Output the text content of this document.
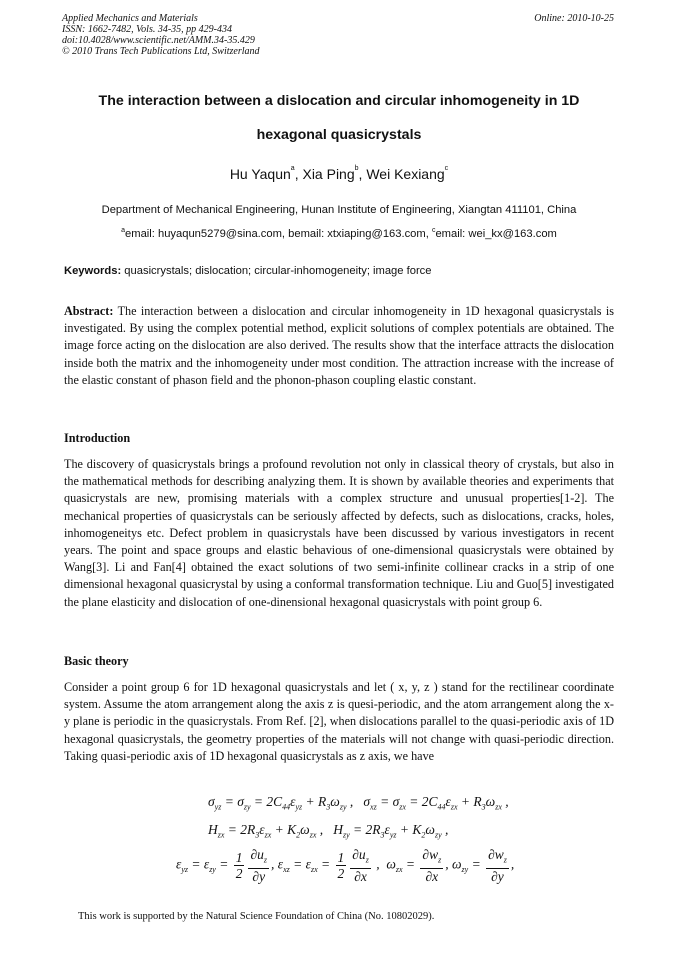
Applied Mechanics and Materials
ISSN: 1662-7482, Vols. 34-35, pp 429-434
doi:10.4028/www.scientific.net/AMM.34-35.429
© 2010 Trans Tech Publications Ltd, Switzerland
Online: 2010-10-25
The interaction between a dislocation and circular inhomogeneity in 1D
hexagonal quasicrystals
Hu Yaqun$^a$, Xia Ping$^b$, Wei Kexiang$^c$
Department of Mechanical Engineering, Hunan Institute of Engineering, Xiangtan 411101, China
$^a$email: huyaqun5279@sina.com, bemail: xtxiaping@163.com, $^c$email: wei_kx@163.com
Keywords: quasicrystals; dislocation; circular-inhomogeneity; image force
Abstract: The interaction between a dislocation and circular inhomogeneity in 1D hexagonal quasicrystals is investigated. By using the complex potential method, explicit solutions of complex potentials are obtained. The image force acting on the dislocation are also derived. The results show that the interface attracts the dislocation inside both the matrix and the inhomogeneity under most condition. The attraction increase with the increase of the elastic constant of phason field and the phonon-phason coupling elastic constant.
Introduction
The discovery of quasicrystals brings a profound revolution not only in classical theory of crystals, but also in the mathematical methods for describing analyzing them. It is shown by available theories and experiments that quasicrystals are new, promising materials with a complex structure and unusual properties[1-2]. The mechanical properties of quasicrystals can be seriously affected by defects, such as dislocations, cracks, holes, inhomogeneitys etc. Defect problem in quasicrystals have been discussed by various investigators in recent years. The point and space groups and elastic behavious of one-dimensional quasicrystals were obtained by Wang[3]. Li and Fan[4] obtained the exact solutions of two semi-infinite collinear cracks in a strip of one dimensional hexagonal quasicrystal by using a conformal transformation technique. Liu and Guo[5] investigated the plane elasticity and dislocation of one-dinensional hexagonal quasicrystals with point group 6.
Basic theory
Consider a point group 6 for 1D hexagonal quasicrystals and let ( x, y, z ) stand for the rectilinear coordinate system. Assume the atom arrangement along the axis z is quesi-periodic, and the atom arrangement along the x-y plane is periodic in the quasicrystals. From Ref. [2], when dislocations parallel to the quasi-periodic axis of 1D hexagonal quasicrystals, the geometry properties of the materials will not change with quasi-periodic direction. Taking quasi-periodic axis of 1D hexagonal quasicrystals as z axis, we have
$\sigma_{yz} = \sigma_{zy} = 2C_{44}\varepsilon_{yz} + R_3\omega_{zy}$ ,   $\sigma_{xz} = \sigma_{zx} = 2C_{44}\varepsilon_{zx} + R_3\omega_{zx}$ ,
$H_{zx} = 2R_3\varepsilon_{zx} + K_2\omega_{zx}$ ,   $H_{zy} = 2R_3\varepsilon_{yz} + K_2\omega_{zy}$ ,
$\varepsilon_{yz} = \varepsilon_{zy} = \frac{1}{2} \frac{\partial u_z}{\partial y}$ , $\varepsilon_{xz} = \varepsilon_{zx} = \frac{1}{2} \frac{\partial u_z}{\partial x}$ ,  $\omega_{zx} = \frac{\partial w_z}{\partial x}$ , $\omega_{zy} = \frac{\partial w_z}{\partial y}$ ,
This work is supported by the Natural Science Foundation of China (No. 10802029).
